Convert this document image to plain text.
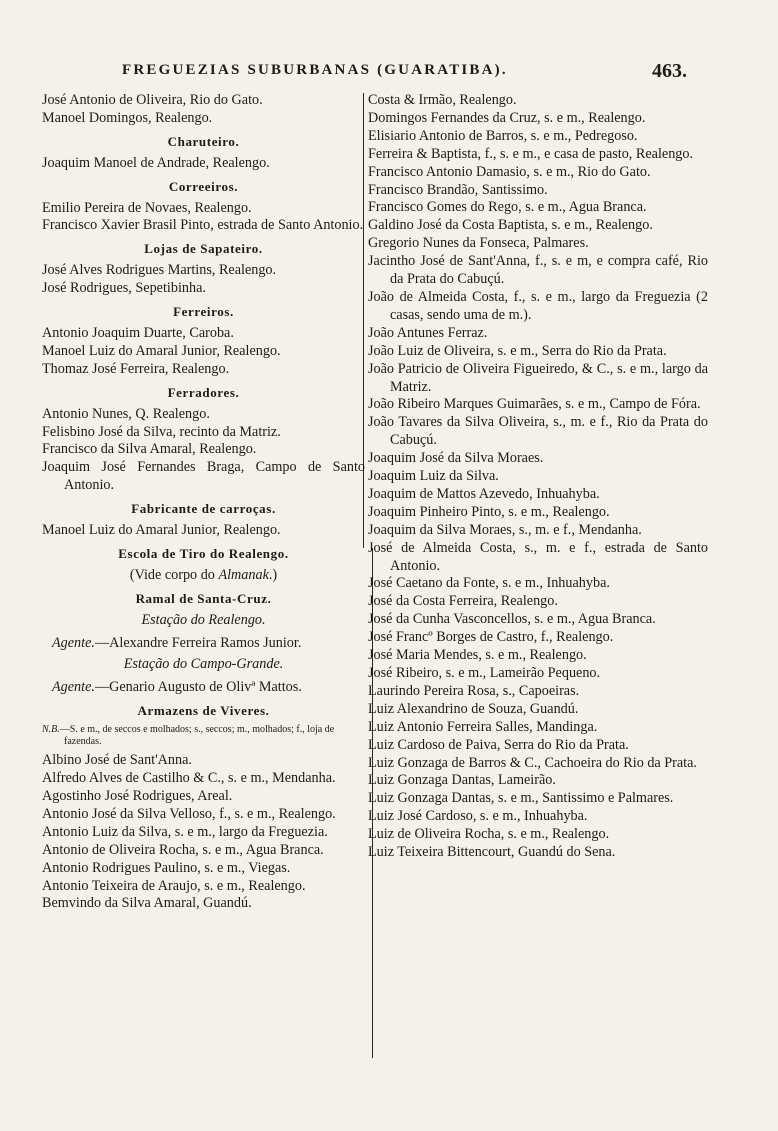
FREGUEZIAS SUBURBANAS (GUARATIBA).	463.
José Antonio de Oliveira, Rio do Gato.
Manoel Domingos, Realengo.
Charuteiro.
Joaquim Manoel de Andrade, Realengo.
Correeiros.
Emilio Pereira de Novaes, Realengo.
Francisco Xavier Brasil Pinto, estrada de Santo Antonio.
Lojas de Sapateiro.
José Alves Rodrigues Martins, Realengo.
José Rodrigues, Sepetibinha.
Ferreiros.
Antonio Joaquim Duarte, Caroba.
Manoel Luiz do Amaral Junior, Realengo.
Thomaz José Ferreira, Realengo.
Ferradores.
Antonio Nunes, Q. Realengo.
Felisbino José da Silva, recinto da Matriz.
Francisco da Silva Amaral, Realengo.
Joaquim José Fernandes Braga, Campo de Santo Antonio.
Fabricante de carroças.
Manoel Luiz do Amaral Junior, Realengo.
Escola de Tiro do Realengo.
(Vide corpo do Almanak.)
Ramal de Santa-Cruz.
Estação do Realengo.
Agente.—Alexandre Ferreira Ramos Junior.
Estação do Campo-Grande.
Agente.—Genario Augusto de Olivª Mattos.
Armazens de Viveres.
N.B.—S. e m., de seccos e molhados; s., seccos; m., molhados; f., loja de fazendas.
Albino José de Sant'Anna.
Alfredo Alves de Castilho & C., s. e m., Mendanha.
Agostinho José Rodrigues, Areal.
Antonio José da Silva Velloso, f., s. e m., Realengo.
Antonio Luiz da Silva, s. e m., largo da Freguezia.
Antonio de Oliveira Rocha, s. e m., Agua Branca.
Antonio Rodrigues Paulino, s. e m., Viegas.
Antonio Teixeira de Araujo, s. e m., Realengo.
Bemvindo da Silva Amaral, Guandú.
Costa & Irmão, Realengo.
Domingos Fernandes da Cruz, s. e m., Realengo.
Elisiario Antonio de Barros, s. e m., Pedregoso.
Ferreira & Baptista, f., s. e m., e casa de pasto, Realengo.
Francisco Antonio Damasio, s. e m., Rio do Gato.
Francisco Brandão, Santissimo.
Francisco Gomes do Rego, s. e m., Agua Branca.
Galdino José da Costa Baptista, s. e m., Realengo.
Gregorio Nunes da Fonseca, Palmares.
Jacintho José de Sant'Anna, f., s. e m, e compra café, Rio da Prata do Cabuçú.
João de Almeida Costa, f., s. e m., largo da Freguezia (2 casas, sendo uma de m.).
João Antunes Ferraz.
João Luiz de Oliveira, s. e m., Serra do Rio da Prata.
João Patricio de Oliveira Figueiredo, & C., s. e m., largo da Matriz.
João Ribeiro Marques Guimarães, s. e m., Campo de Fóra.
João Tavares da Silva Oliveira, s., m. e f., Rio da Prata do Cabuçú.
Joaquim José da Silva Moraes.
Joaquim Luiz da Silva.
Joaquim de Mattos Azevedo, Inhuahyba.
Joaquim Pinheiro Pinto, s. e m., Realengo.
Joaquim da Silva Moraes, s., m. e f., Mendanha.
José de Almeida Costa, s., m. e f., estrada de Santo Antonio.
José Caetano da Fonte, s. e m., Inhuahyba.
José da Costa Ferreira, Realengo.
José da Cunha Vasconcellos, s. e m., Agua Branca.
José Francº Borges de Castro, f., Realengo.
José Maria Mendes, s. e m., Realengo.
José Ribeiro, s. e m., Lameirão Pequeno.
Laurindo Pereira Rosa, s., Capoeiras.
Luiz Alexandrino de Souza, Guandú.
Luiz Antonio Ferreira Salles, Mandinga.
Luiz Cardoso de Paiva, Serra do Rio da Prata.
Luiz Gonzaga de Barros & C., Cachoeira do Rio da Prata.
Luiz Gonzaga Dantas, Lameirão.
Luiz Gonzaga Dantas, s. e m., Santissimo e Palmares.
Luiz José Cardoso, s. e m., Inhuahyba.
Luiz de Oliveira Rocha, s. e m., Realengo.
Luiz Teixeira Bittencourt, Guandú do Sena.
